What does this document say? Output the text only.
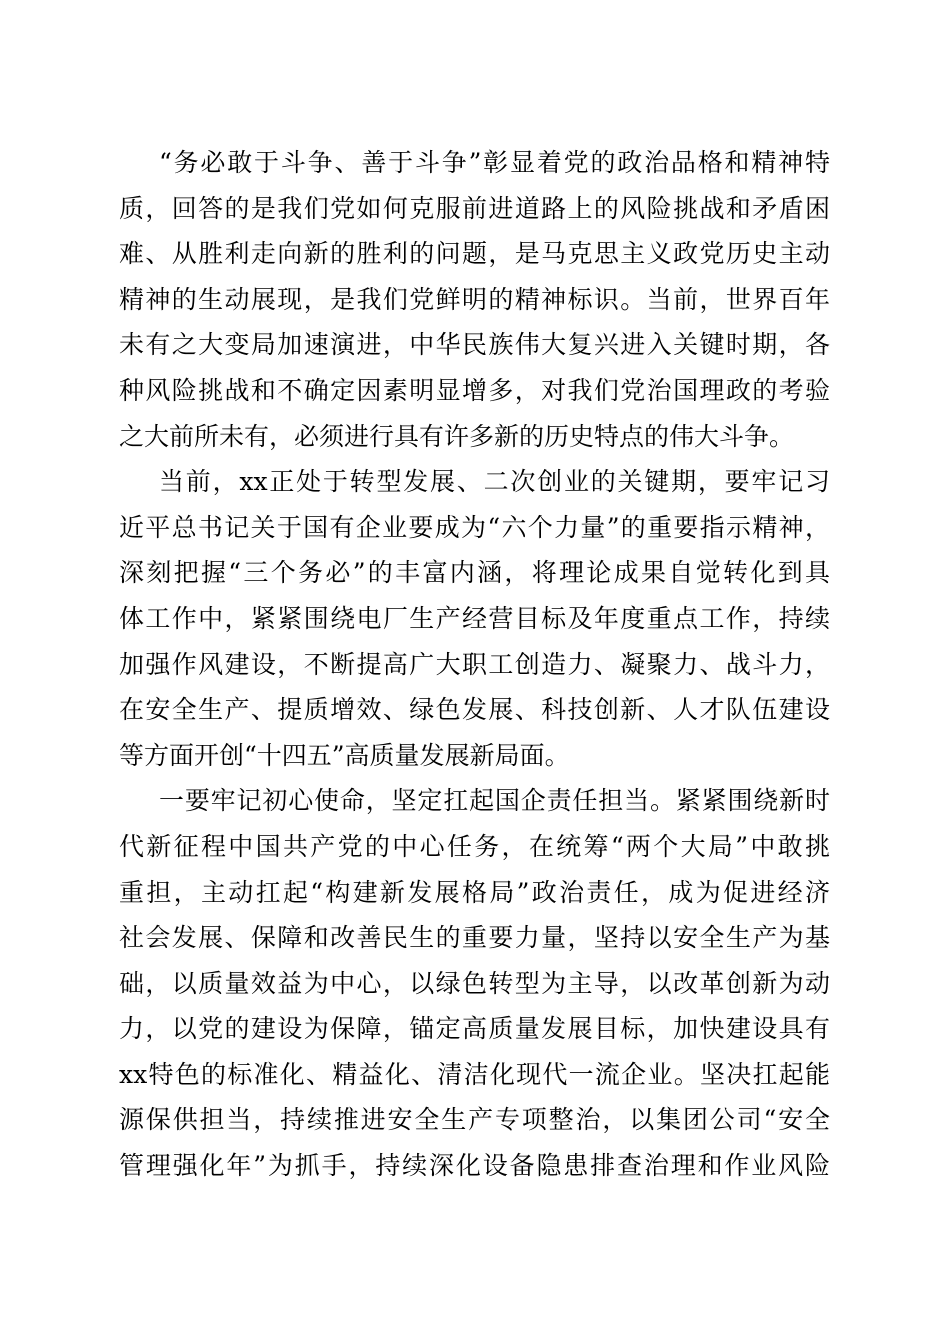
“务必敢于斗争、善于斗争”彰显着党的政治品格和精神特
质，回答的是我们党如何克服前进道路上的风险挑战和矛盾困
难、从胜利走向新的胜利的问题，是马克思主义政党历史主动
精神的生动展现，是我们党鲜明的精神标识。当前，世界百年
未有之大变局加速演进，中华民族伟大复兴进入关键时期，各
种风险挑战和不确定因素明显增多，对我们党治国理政的考验
之大前所未有，必须进行具有许多新的历史特点的伟大斗争。
当前，xx正处于转型发展、二次创业的关键期，要牢记习
近平总书记关于国有企业要成为“六个力量”的重要指示精神，
深刻把握“三个务必”的丰富内涵，将理论成果自觉转化到具
体工作中，紧紧围绕电厂生产经营目标及年度重点工作，持续
加强作风建设，不断提高广大职工创造力、凝聚力、战斗力，
在安全生产、提质增效、绿色发展、科技创新、人才队伍建设
等方面开创“十四五”高质量发展新局面。
一要牢记初心使命，坚定扛起国企责任担当。紧紧围绕新时
代新征程中国共产党的中心任务，在统筹“两个大局”中敢挑
重担，主动扛起“构建新发展格局”政治责任，成为促进经济
社会发展、保障和改善民生的重要力量，坚持以安全生产为基
础，以质量效益为中心，以绿色转型为主导，以改革创新为动
力，以党的建设为保障，锚定高质量发展目标，加快建设具有
xx特色的标准化、精益化、清洁化现代一流企业。坚决扛起能
源保供担当，持续推进安全生产专项整治，以集团公司“安全
管理强化年”为抓手，持续深化设备隐患排查治理和作业风险
